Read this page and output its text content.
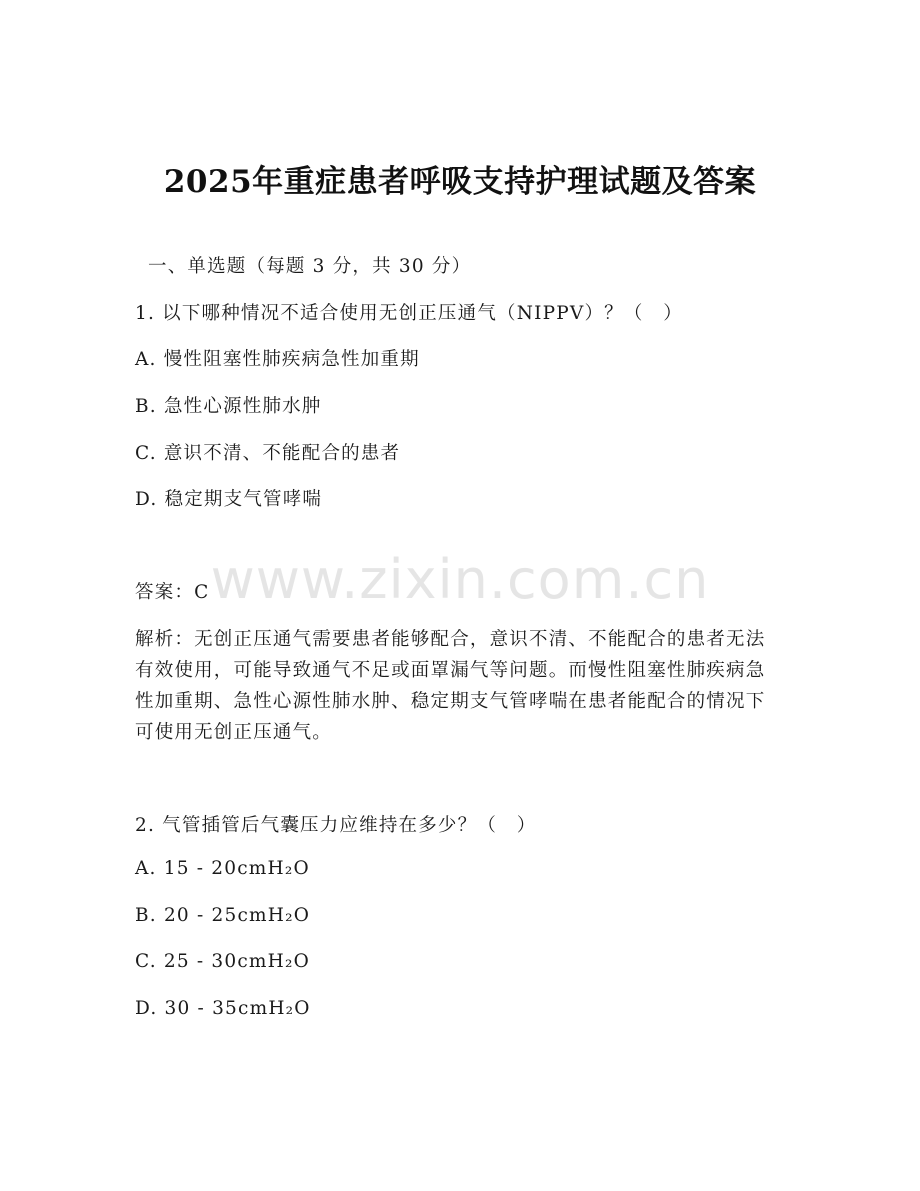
2025年重症患者呼吸支持护理试题及答案
一、单选题（每题 3 分，共 30 分）
1. 以下哪种情况不适合使用无创正压通气（NIPPV）？（　）
A. 慢性阻塞性肺疾病急性加重期
B. 急性心源性肺水肿
C. 意识不清、不能配合的患者
D. 稳定期支气管哮喘
答案：C
解析：无创正压通气需要患者能够配合，意识不清、不能配合的患者无法有效使用，可能导致通气不足或面罩漏气等问题。而慢性阻塞性肺疾病急性加重期、急性心源性肺水肿、稳定期支气管哮喘在患者能配合的情况下可使用无创正压通气。
2. 气管插管后气囊压力应维持在多少？（　）
A. 15 - 20cmH₂O
B. 20 - 25cmH₂O
C. 25 - 30cmH₂O
D. 30 - 35cmH₂O
www.zixin.com.cn
